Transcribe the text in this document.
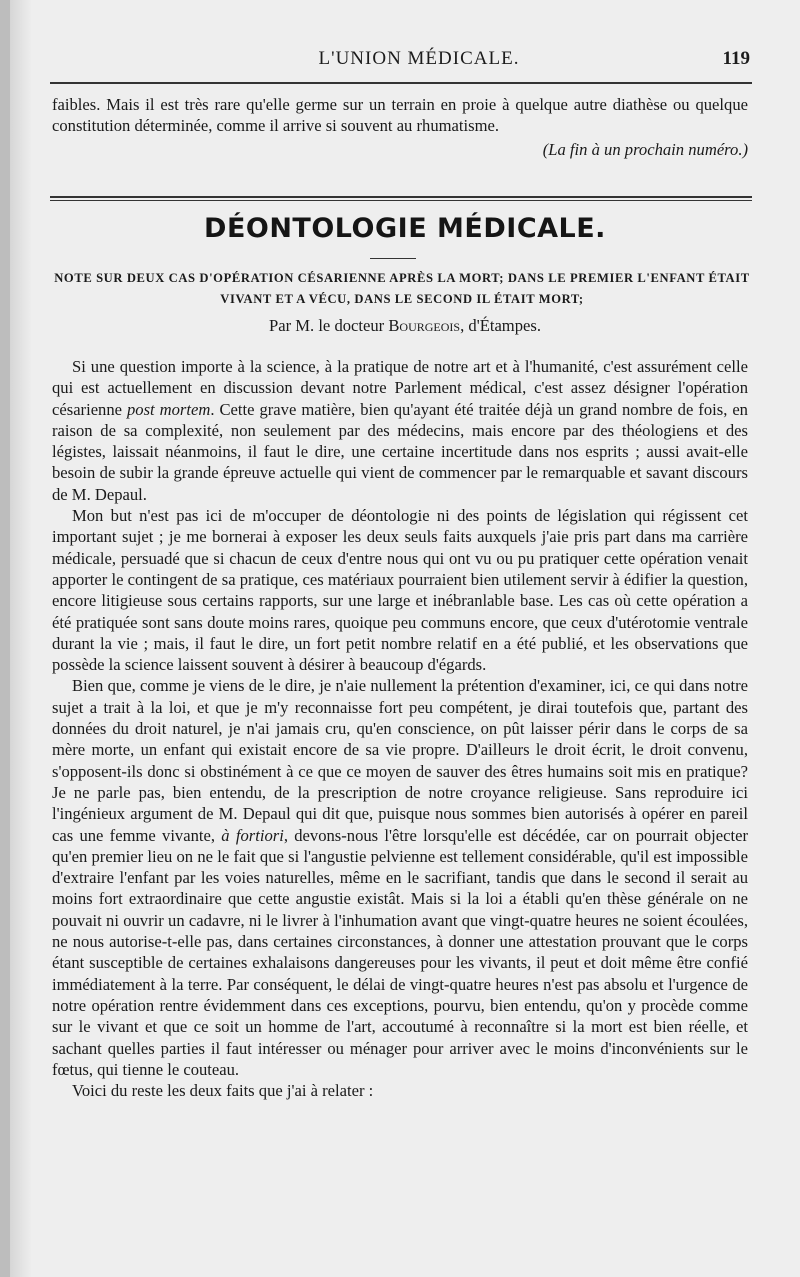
L'UNION MÉDICALE.	119

faibles. Mais il est très rare qu'elle germe sur un terrain en proie à quelque autre diathèse ou quelque constitution déterminée, comme il arrive si souvent au rhumatisme.

(La fin à un prochain numéro.)
DÉONTOLOGIE MÉDICALE.
NOTE SUR DEUX CAS D'OPÉRATION CÉSARIENNE APRÈS LA MORT; DANS LE PREMIER L'ENFANT ÉTAIT VIVANT ET A VÉCU, DANS LE SECOND IL ÉTAIT MORT;
Par M. le docteur Bourgeois, d'Étampes.

Si une question importe à la science, à la pratique de notre art et à l'humanité, c'est assurément celle qui est actuellement en discussion devant notre Parlement médical, c'est assez désigner l'opération césarienne post mortem. Cette grave matière, bien qu'ayant été traitée déjà un grand nombre de fois, en raison de sa complexité, non seulement par des médecins, mais encore par des théologiens et des légistes, laissait néanmoins, il faut le dire, une certaine incertitude dans nos esprits ; aussi avait-elle besoin de subir la grande épreuve actuelle qui vient de commencer par le remarquable et savant discours de M. Depaul.

Mon but n'est pas ici de m'occuper de déontologie ni des points de législation qui régissent cet important sujet ; je me bornerai à exposer les deux seuls faits auxquels j'aie pris part dans ma carrière médicale, persuadé que si chacun de ceux d'entre nous qui ont vu ou pu pratiquer cette opération venait apporter le contingent de sa pratique, ces matériaux pourraient bien utilement servir à édifier la question, encore litigieuse sous certains rapports, sur une large et inébranlable base. Les cas où cette opération a été pratiquée sont sans doute moins rares, quoique peu communs encore, que ceux d'utérotomie ventrale durant la vie ; mais, il faut le dire, un fort petit nombre relatif en a été publié, et les observations que possède la science laissent souvent à désirer à beaucoup d'égards.

Bien que, comme je viens de le dire, je n'aie nullement la prétention d'examiner, ici, ce qui dans notre sujet a trait à la loi, et que je m'y reconnaisse fort peu compétent, je dirai toutefois que, partant des données du droit naturel, je n'ai jamais cru, qu'en conscience, on pût laisser périr dans le corps de sa mère morte, un enfant qui existait encore de sa vie propre. D'ailleurs le droit écrit, le droit convenu, s'opposent-ils donc si obstinément à ce que ce moyen de sauver des êtres humains soit mis en pratique? Je ne parle pas, bien entendu, de la prescription de notre croyance religieuse. Sans reproduire ici l'ingénieux argument de M. Depaul qui dit que, puisque nous sommes bien autorisés à opérer en pareil cas une femme vivante, à fortiori, devons-nous l'être lorsqu'elle est décédée, car on pourrait objecter qu'en premier lieu on ne le fait que si l'angustie pelvienne est tellement considérable, qu'il est impossible d'extraire l'enfant par les voies naturelles, même en le sacrifiant, tandis que dans le second il serait au moins fort extraordinaire que cette angustie existât. Mais si la loi a établi qu'en thèse générale on ne pouvait ni ouvrir un cadavre, ni le livrer à l'inhumation avant que vingt-quatre heures ne soient écoulées, ne nous autorise-t-elle pas, dans certaines circonstances, à donner une attestation prouvant que le corps étant susceptible de certaines exhalaisons dangereuses pour les vivants, il peut et doit même être confié immédiatement à la terre. Par conséquent, le délai de vingt-quatre heures n'est pas absolu et l'urgence de notre opération rentre évidemment dans ces exceptions, pourvu, bien entendu, qu'on y procède comme sur le vivant et que ce soit un homme de l'art, accoutumé à reconnaître si la mort est bien réelle, et sachant quelles parties il faut intéresser ou ménager pour arriver avec le moins d'inconvénients sur le fœtus, qui tienne le couteau.

Voici du reste les deux faits que j'ai à relater :
